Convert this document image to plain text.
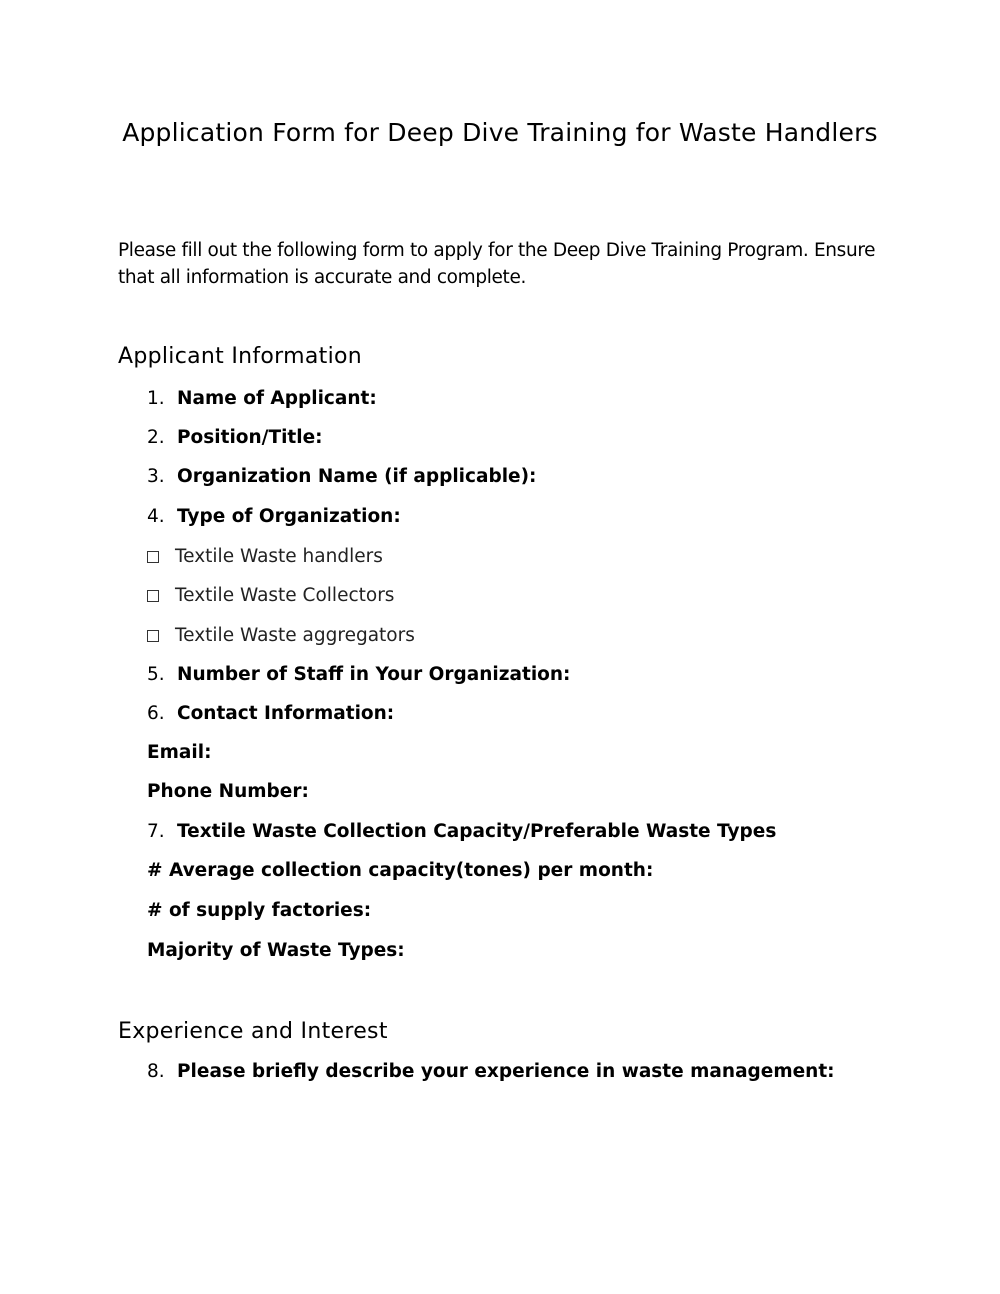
Application Form for Deep Dive Training for Waste Handlers

Please fill out the following form to apply for the Deep Dive Training Program. Ensure that all information is accurate and complete.

Applicant Information
1. Name of Applicant:
2. Position/Title:
3. Organization Name (if applicable):
4. Type of Organization:
Textile Waste handlers
Textile Waste Collectors
Textile Waste aggregators
5. Number of Staff in Your Organization:
6. Contact Information:
Email:
Phone Number:
7. Textile Waste Collection Capacity/Preferable Waste Types
# Average collection capacity(tones) per month:
# of supply factories:
Majority of Waste Types:
Experience and Interest
8. Please briefly describe your experience in waste management:
